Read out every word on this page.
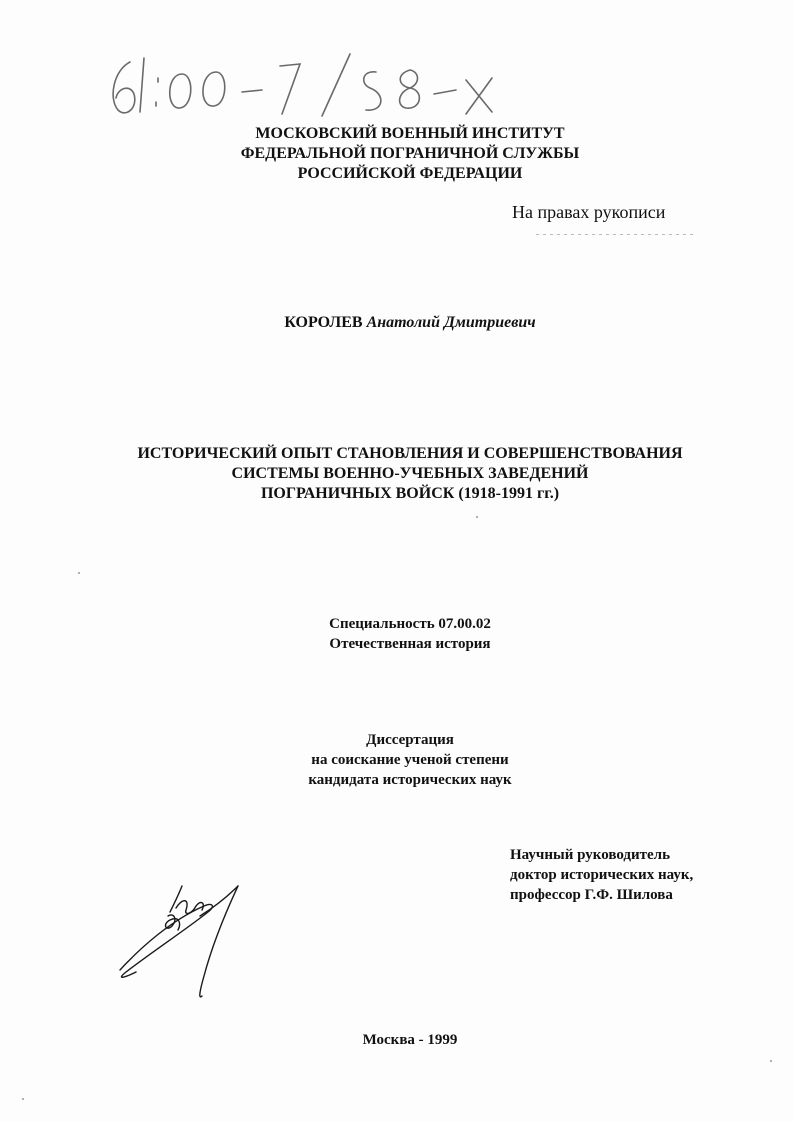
МОСКОВСКИЙ ВОЕННЫЙ ИНСТИТУТ
ФЕДЕРАЛЬНОЙ ПОГРАНИЧНОЙ СЛУЖБЫ
РОССИЙСКОЙ ФЕДЕРАЦИИ
На правах рукописи
КОРОЛЕВ Анатолий Дмитриевич
ИСТОРИЧЕСКИЙ ОПЫТ СТАНОВЛЕНИЯ И СОВЕРШЕНСТВОВАНИЯ
СИСТЕМЫ ВОЕННО-УЧЕБНЫХ ЗАВЕДЕНИЙ
ПОГРАНИЧНЫХ ВОЙСК (1918-1991 гг.)
Специальность 07.00.02
Отечественная история
Диссертация
на соискание ученой степени
кандидата исторических наук
Научный руководитель
доктор исторических наук,
профессор Г.Ф. Шилова
Москва - 1999
